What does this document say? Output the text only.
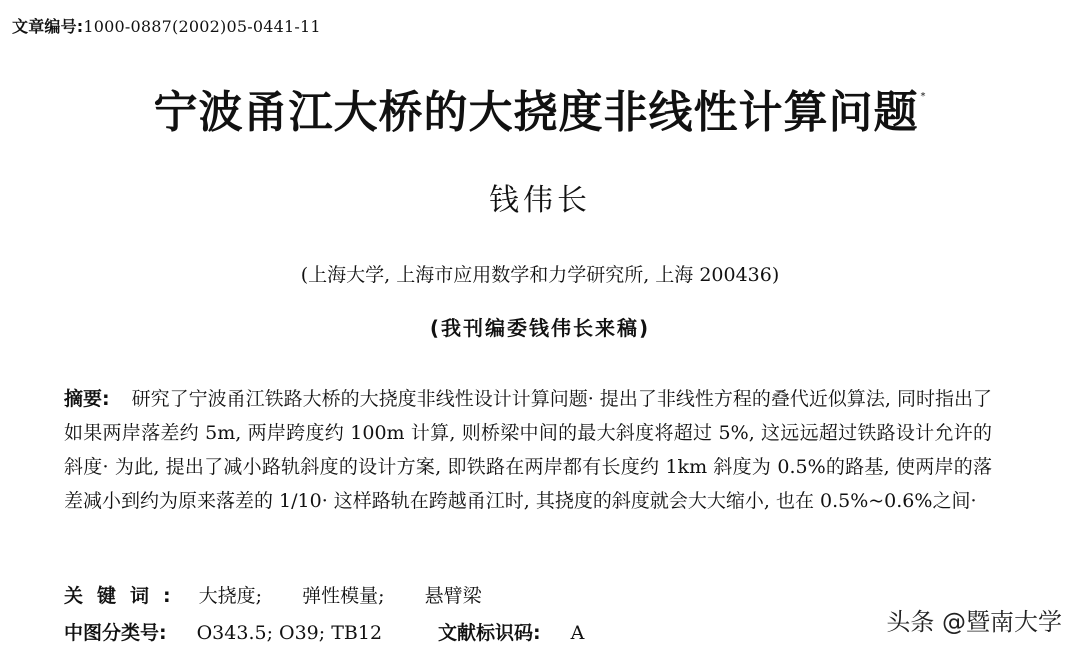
文章编号:1000-0887(2002)05-0441-11
宁波甬江大桥的大挠度非线性计算问题 *
钱伟长
(上海大学, 上海市应用数学和力学研究所, 上海 200436)
(我刊编委钱伟长来稿)
摘要: 研究了宁波甬江铁路大桥的大挠度非线性设计计算问题· 提出了非线性方程的叠代近似算法, 同时指出了如果两岸落差约 5m, 两岸跨度约 100m 计算, 则桥梁中间的最大斜度将超过 5%, 这远远超过铁路设计允许的斜度· 为此, 提出了减小路轨斜度的设计方案, 即铁路在两岸都有长度约 1km 斜度为 0.5%的路基, 使两岸的落差减小到约为原来落差的 1/10· 这样路轨在跨越甬江时, 其挠度的斜度就会大大缩小, 也在 0.5%~0.6%之间·
关键词: 大挠度; 弹性模量; 悬臂梁
中图分类号: O343.5; O39; TB12	文献标识码: A	头条 @暨南大学
